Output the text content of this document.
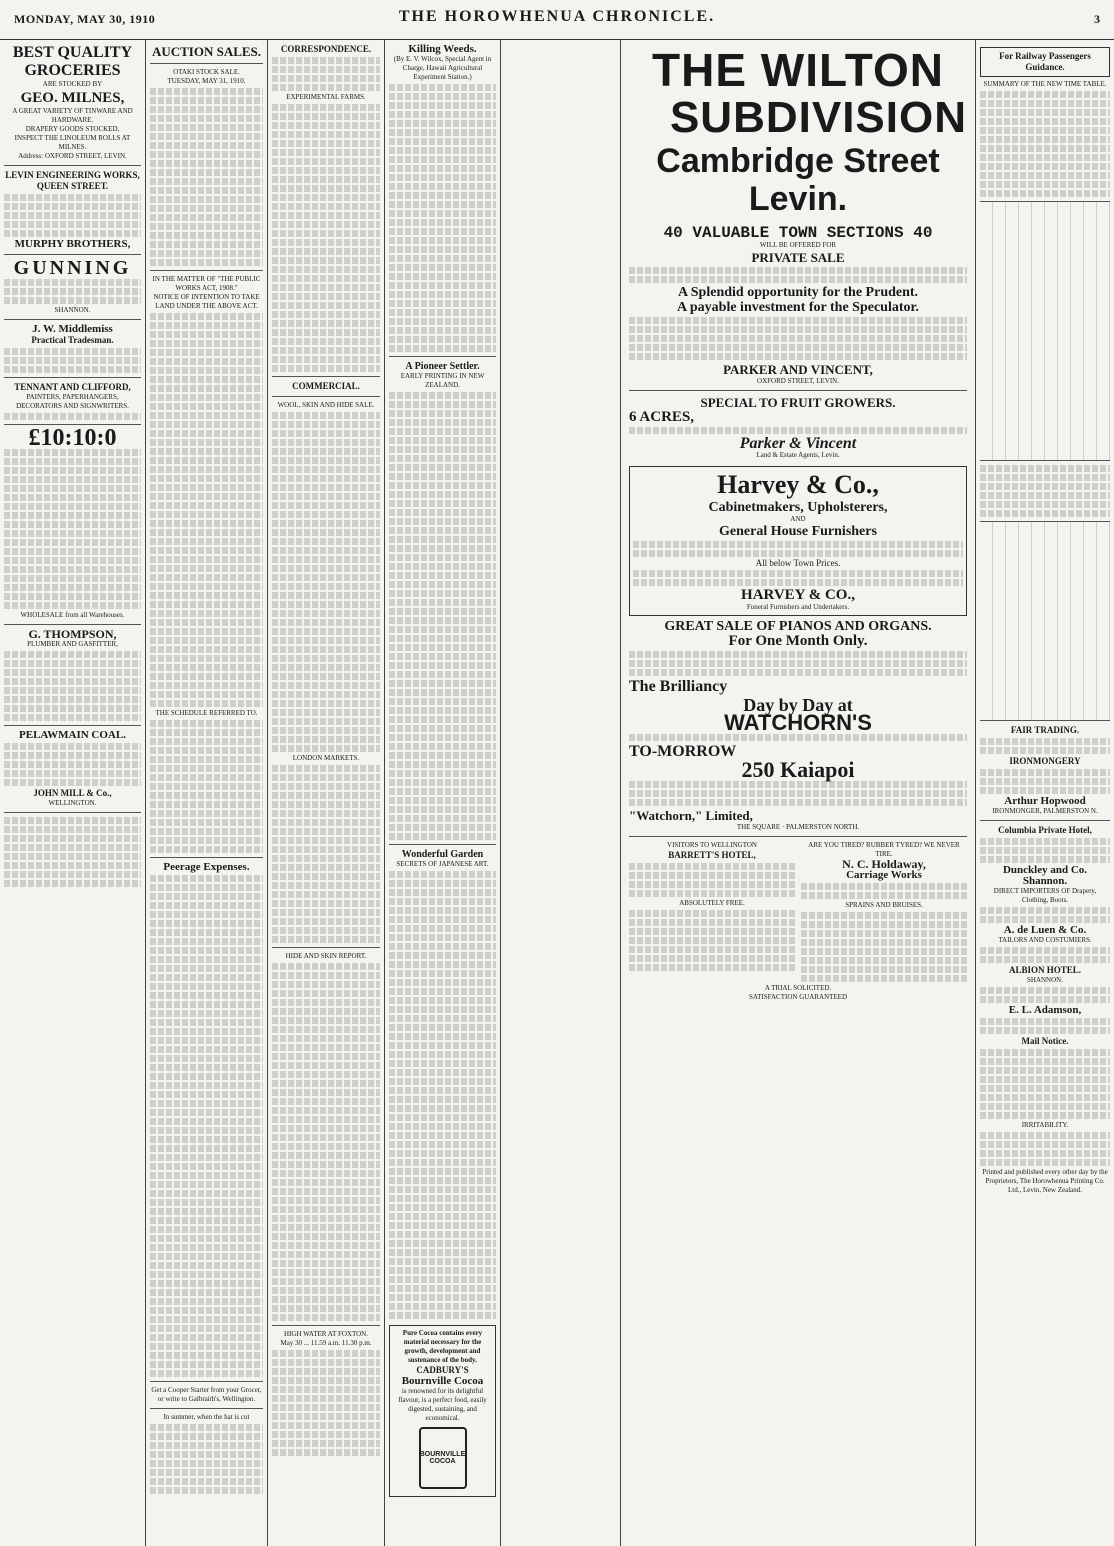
MONDAY, MAY 30, 1910	THE HOROWHENUA CHRONICLE.	3
BEST QUALITY
GROCERIES
ARE STOCKED BY
GEO. MILNES,
A GREAT VARIETY OF TINWARE AND HARDWARE.
DRAPERY GOODS STOCKED.
INSPECT THE LINOLEUM ROLLS AT MILNES.
Address: OXFORD STREET, LEVIN.
LEVIN ENGINEERING WORKS, QUEEN STREET.
MURPHY BROTHERS,
GUNNING
SHANNON.
J. W. Middlemiss
Practical Tradesman.
TENNANT AND CLIFFORD,
PAINTERS, PAPERHANGERS, DECORATORS AND SIGNWRITERS.
£10:10:0
WHOLESALE from all Warehouses.
G. THOMPSON,
PLUMBER AND GASFITTER,
PELAWMAIN COAL.
JOHN MILL & Co.,
WELLINGTON.
AUCTION SALES.
OTAKI STOCK SALE.
TUESDAY, MAY 31, 1910.
IN THE MATTER OF "THE PUBLIC WORKS ACT, 1908."
NOTICE OF INTENTION TO TAKE LAND UNDER THE ABOVE ACT.
THE SCHEDULE REFERRED TO.
Peerage Expenses.
Get a Cooper Starter from your Grocer, or write to Galbraith's, Wellington.
In summer, when the hat is cut
CORRESPONDENCE.
EXPERIMENTAL FARMS.
COMMERCIAL.
WOOL, SKIN AND HIDE SALE.
LONDON MARKETS.
HIDE AND SKIN REPORT.
HIGH WATER AT FOXTON.
May 30 ... 11.59 a.m. 11.30 p.m.
Killing Weeds.
(By E. V. Wilcox, Special Agent in Charge, Hawaii Agricultural Experiment Station.)
A Pioneer Settler.
EARLY PRINTING IN NEW ZEALAND.
Wonderful Garden
SECRETS OF JAPANESE ART.
Pure Cocoa contains every material necessary for the growth, development and sustenance of the body.
CADBURY'S
Bournville Cocoa
is renowned for its delightful flavour, is a perfect food, easily digested, sustaining, and economical.
BOURNVILLE COCOA
THE WILTON
SUBDIVISION
Cambridge Street
Levin.
40 VALUABLE TOWN SECTIONS 40
WILL BE OFFERED FOR
PRIVATE SALE
A Splendid opportunity for the Prudent.
A payable investment for the Speculator.
PARKER AND VINCENT,
OXFORD STREET, LEVIN.
SPECIAL TO FRUIT GROWERS.
6 ACRES,
Parker & Vincent
Land & Estate Agents, Levin.
Harvey & Co.,
Cabinetmakers, Upholsterers,
AND
General House Furnishers
All below Town Prices.
HARVEY & CO.,
Funeral Furnishers and Undertakers.
GREAT SALE OF PIANOS AND ORGANS.
For One Month Only.
The Brilliancy
Day by Day at
WATCHORN'S
TO-MORROW
250 Kaiapoi
"Watchorn," Limited,
THE SQUARE · PALMERSTON NORTH.
VISITORS TO WELLINGTON
BARRETT'S HOTEL,
ABSOLUTELY FREE.
ARE YOU TIRED? RUBBER TYRED? WE NEVER TIRE.
N. C. Holdaway,
Carriage Works
SPRAINS AND BRUISES.
A TRIAL SOLICITED.
SATISFACTION GUARANTEED
For Railway Passengers Guidance.
SUMMARY OF THE NEW TIME TABLE.
FAIR TRADING.
IRONMONGERY
Arthur Hopwood
IRONMONGER, PALMERSTON N.
Columbia Private Hotel,
Dunckley and Co.
Shannon.
DIRECT IMPORTERS OF Drapery, Clothing, Boots.
A. de Luen & Co.
TAILORS AND COSTUMIERS.
ALBION HOTEL.
SHANNON.
E. L. Adamson,
Mail Notice.
IRRITABILITY.
Printed and published every other day by the Proprietors, The Horowhenua Printing Co. Ltd., Levin, New Zealand.
